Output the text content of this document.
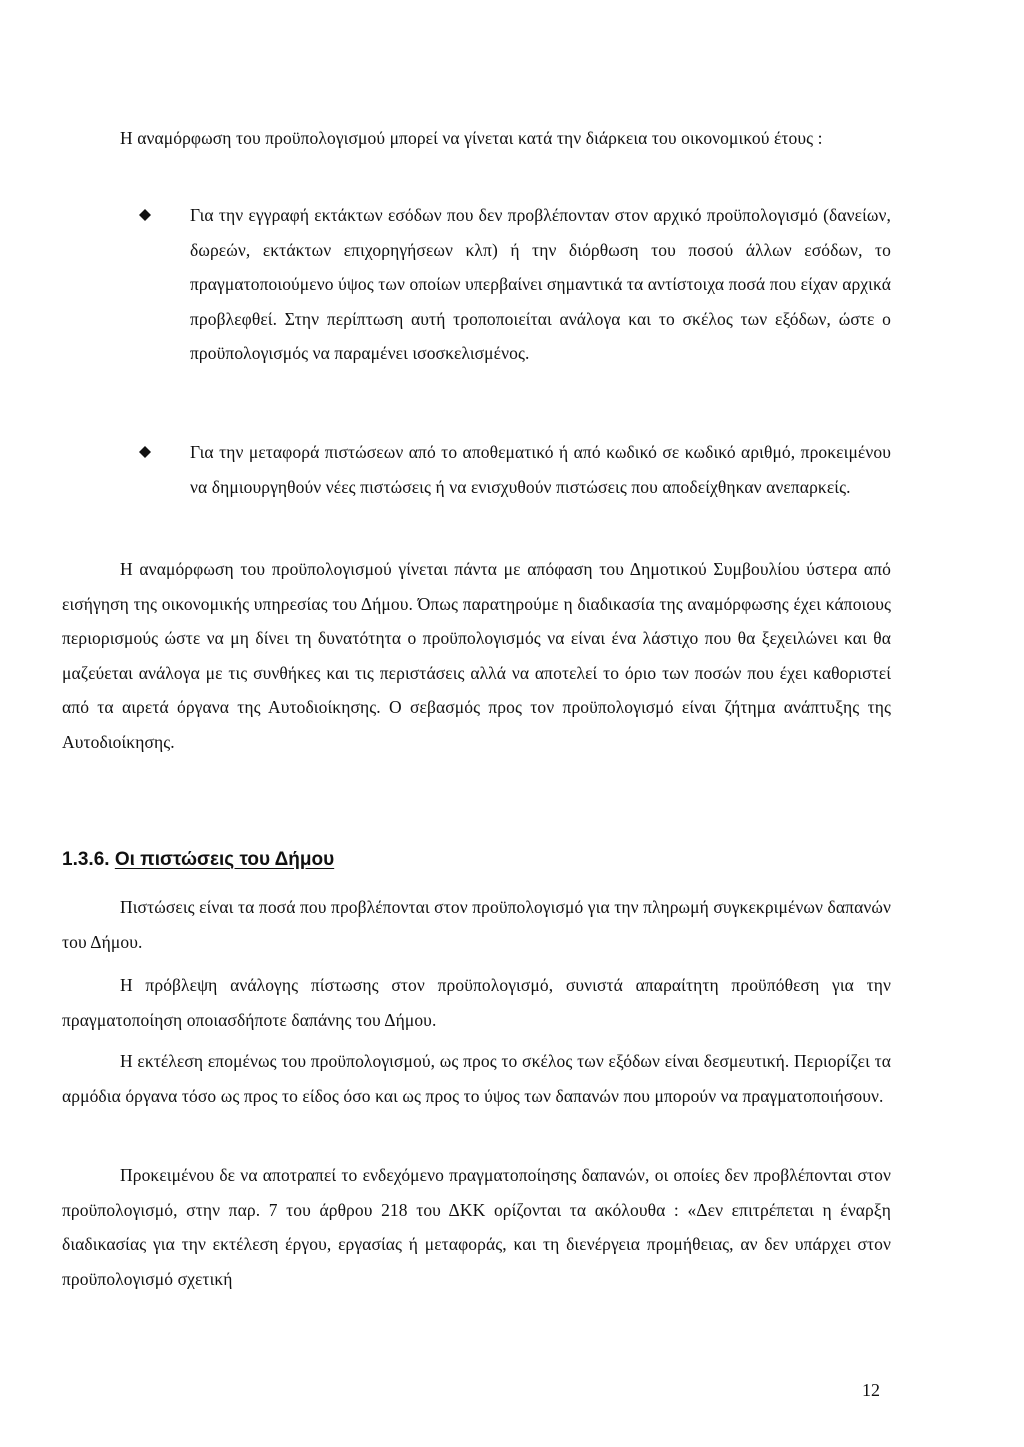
Η αναμόρφωση του προϋπολογισμού μπορεί να γίνεται κατά την διάρκεια του οικονομικού έτους :

Για την εγγραφή εκτάκτων εσόδων που δεν προβλέπονταν στον αρχικό προϋπολογισμό (δανείων, δωρεών, εκτάκτων επιχορηγήσεων κλπ) ή την διόρθωση του ποσού άλλων εσόδων, το πραγματοποιούμενο ύψος των οποίων υπερβαίνει σημαντικά τα αντίστοιχα ποσά που είχαν αρχικά προβλεφθεί. Στην περίπτωση αυτή τροποποιείται ανάλογα και το σκέλος των εξόδων, ώστε ο προϋπολογισμός να παραμένει ισοσκελισμένος.

Για την μεταφορά πιστώσεων από το αποθεματικό ή από κωδικό σε κωδικό αριθμό, προκειμένου να δημιουργηθούν νέες πιστώσεις ή να ενισχυθούν πιστώσεις που αποδείχθηκαν ανεπαρκείς.

Η αναμόρφωση του προϋπολογισμού γίνεται πάντα με απόφαση του Δημοτικού Συμβουλίου ύστερα από εισήγηση της οικονομικής υπηρεσίας του Δήμου. Όπως παρατηρούμε η διαδικασία της αναμόρφωσης έχει κάποιους περιορισμούς ώστε να μη δίνει τη δυνατότητα ο προϋπολογισμός να είναι ένα λάστιχο που θα ξεχειλώνει και θα μαζεύεται ανάλογα με τις συνθήκες και τις περιστάσεις αλλά να αποτελεί το όριο των ποσών που έχει καθοριστεί από τα αιρετά όργανα της Αυτοδιοίκησης. Ο σεβασμός προς τον προϋπολογισμό είναι ζήτημα ανάπτυξης της Αυτοδιοίκησης.

1.3.6. Οι πιστώσεις του Δήμου

Πιστώσεις είναι τα ποσά που προβλέπονται στον προϋπολογισμό για την πληρωμή συγκεκριμένων δαπανών του Δήμου.

Η πρόβλεψη ανάλογης πίστωσης στον προϋπολογισμό, συνιστά απαραίτητη προϋπόθεση για την πραγματοποίηση οποιασδήποτε δαπάνης του Δήμου.

Η εκτέλεση επομένως του προϋπολογισμού, ως προς το σκέλος των εξόδων είναι δεσμευτική. Περιορίζει τα αρμόδια όργανα τόσο ως προς το είδος όσο και ως προς το ύψος των δαπανών που μπορούν να πραγματοποιήσουν.

Προκειμένου δε να αποτραπεί το ενδεχόμενο πραγματοποίησης δαπανών, οι οποίες δεν προβλέπονται στον προϋπολογισμό, στην παρ. 7 του άρθρου 218 του ΔΚΚ ορίζονται τα ακόλουθα : «Δεν επιτρέπεται η έναρξη διαδικασίας για την εκτέλεση έργου, εργασίας ή μεταφοράς, και τη διενέργεια προμήθειας, αν δεν υπάρχει στον προϋπολογισμό σχετική

12
